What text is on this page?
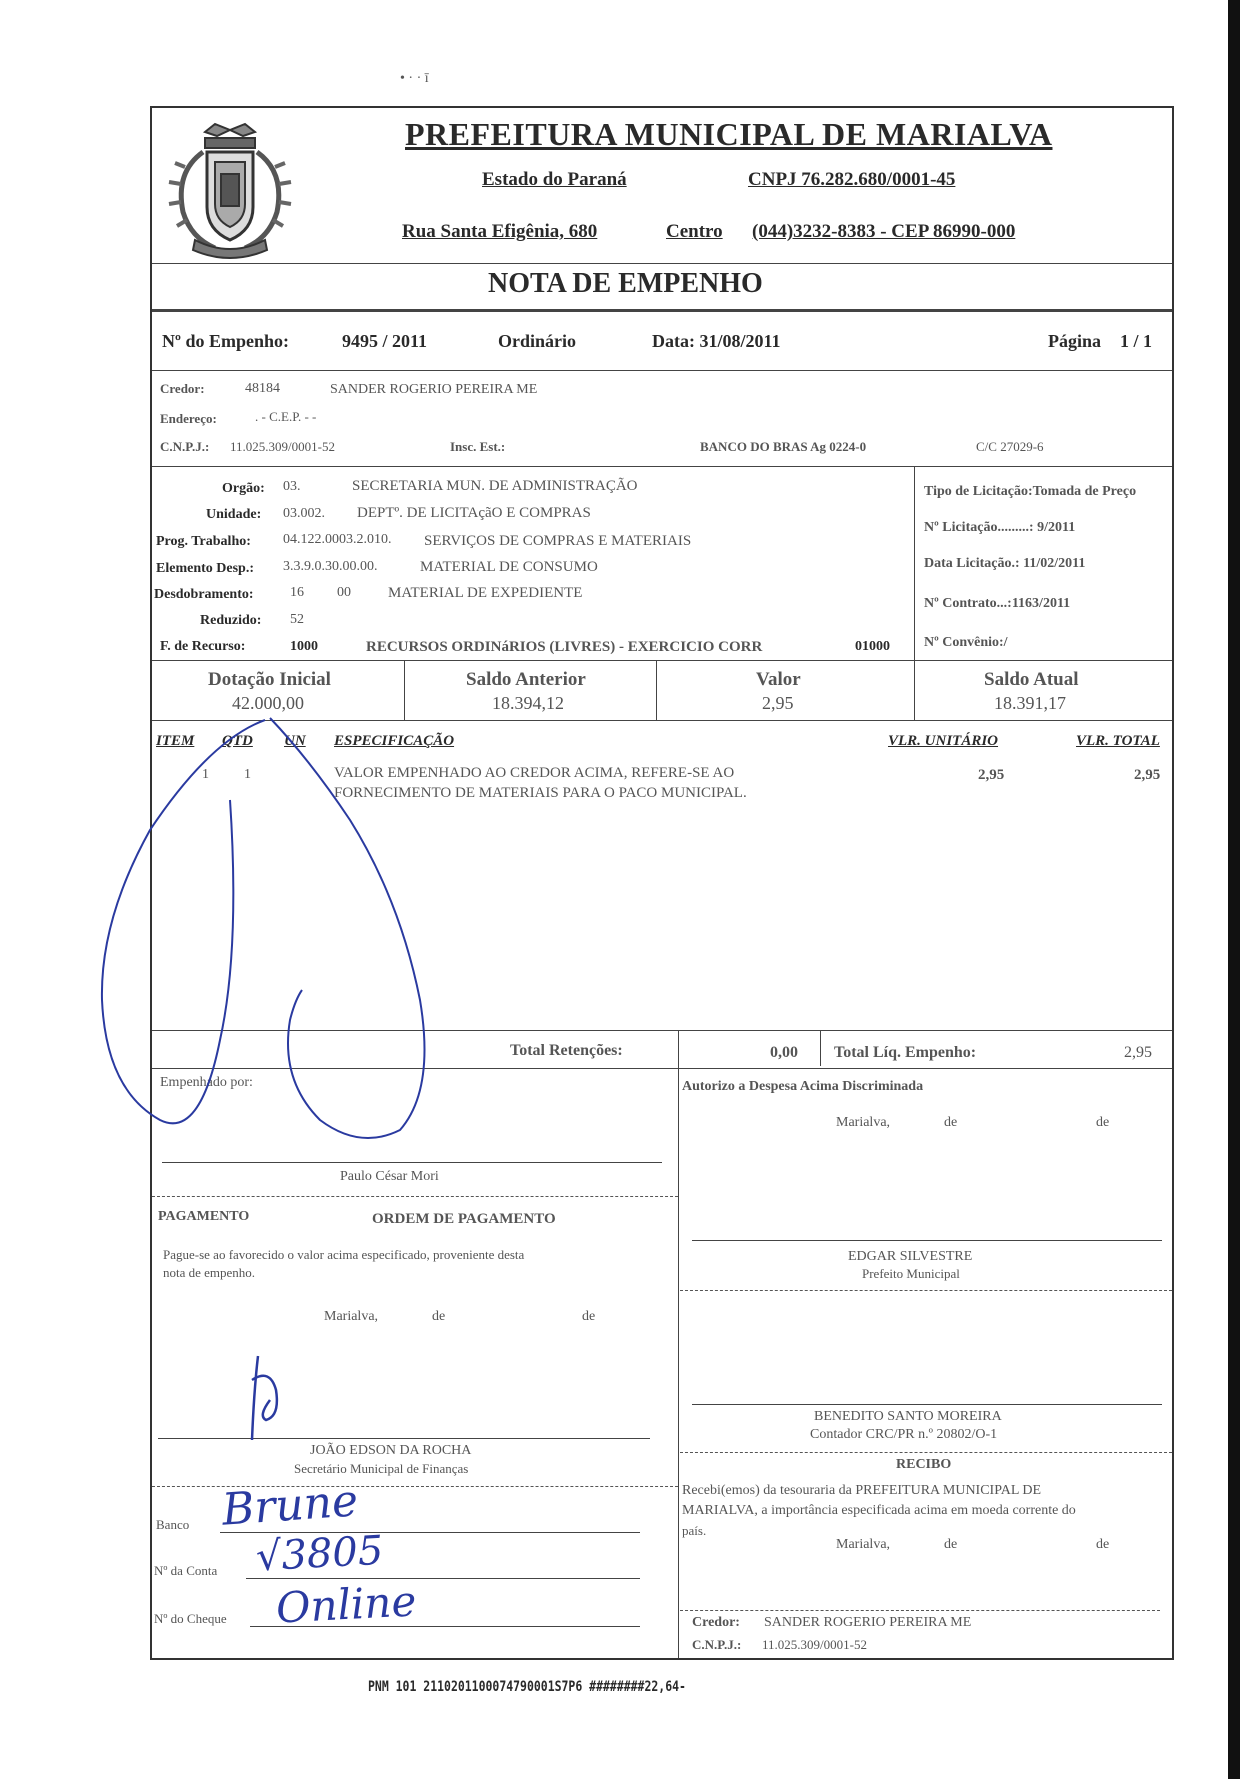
• · · ī
PREFEITURA MUNICIPAL DE MARIALVA
Estado do Paraná	CNPJ 76.282.680/0001-45
Rua Santa Efigênia, 680	Centro (044)3232-8383 - CEP 86990-000
NOTA DE EMPENHO
Nº do Empenho:	9495 / 2011	Ordinário	Data: 31/08/2011	Página 1 / 1
Credor:	48184	SANDER ROGERIO PEREIRA ME
Endereço:	. - C.E.P. - -
C.N.P.J.: 11.025.309/0001-52	Insc. Est.:	BANCO DO BRAS Ag 0224-0	C/C 27029-6
Orgão: 03.	SECRETARIA MUN. DE ADMINISTRAÇÃO
Unidade: 03.002. DEPTº. DE LICITAçãO E COMPRAS
Prog. Trabalho: 04.122.0003.2.010. SERVIÇOS DE COMPRAS E MATERIAIS
Elemento Desp.: 3.3.9.0.30.00.00.	MATERIAL DE CONSUMO
Desdobramento:	16 00 MATERIAL DE EXPEDIENTE
Reduzido: 52
F. de Recurso:	1000	RECURSOS ORDINáRIOS (LIVRES) - EXERCICIO CORR	01000
Tipo de Licitação:Tomada de Preço
Nº Licitação.........: 9/2011
Data Licitação.: 11/02/2011
Nº Contrato...:1163/2011
Nº Convênio:/
Dotação Inicial
42.000,00
Saldo Anterior
18.394,12
Valor
2,95
Saldo Atual
18.391,17
ITEM QTD UN ESPECIFICAÇÃO	VLR. UNITÁRIO	VLR. TOTAL
1	1	VALOR EMPENHADO AO CREDOR ACIMA, REFERE-SE AO
FORNECIMENTO DE MATERIAIS PARA O PACO MUNICIPAL.
2,95	2,95
Total Retenções:	0,00 Total Líq. Empenho:	2,95
Empenhado por:
Paulo César Mori
Autorizo a Despesa Acima Discriminada
Marialva,	de	de
EDGAR SILVESTRE
Prefeito Municipal
BENEDITO SANTO MOREIRA
Contador CRC/PR n.º 20802/O-1
PAGAMENTO	ORDEM DE PAGAMENTO
Pague-se ao favorecido o valor acima especificado, proveniente desta
nota de empenho.
Marialva,	de	de
JOÃO EDSON DA ROCHA
Secretário Municipal de Finanças
Banco
Nº da Conta
Nº do Cheque
Brune
√3805
Online
RECIBO
Recebi(emos) da tesouraria da PREFEITURA MUNICIPAL DE
MARIALVA, a importância especificada acima em moeda corrente do
país.
Marialva,	de	de
Credor: SANDER ROGERIO PEREIRA ME
C.N.P.J.: 11.025.309/0001-52
PNM 101 2110201100074790001S7P6 ########22,64-
